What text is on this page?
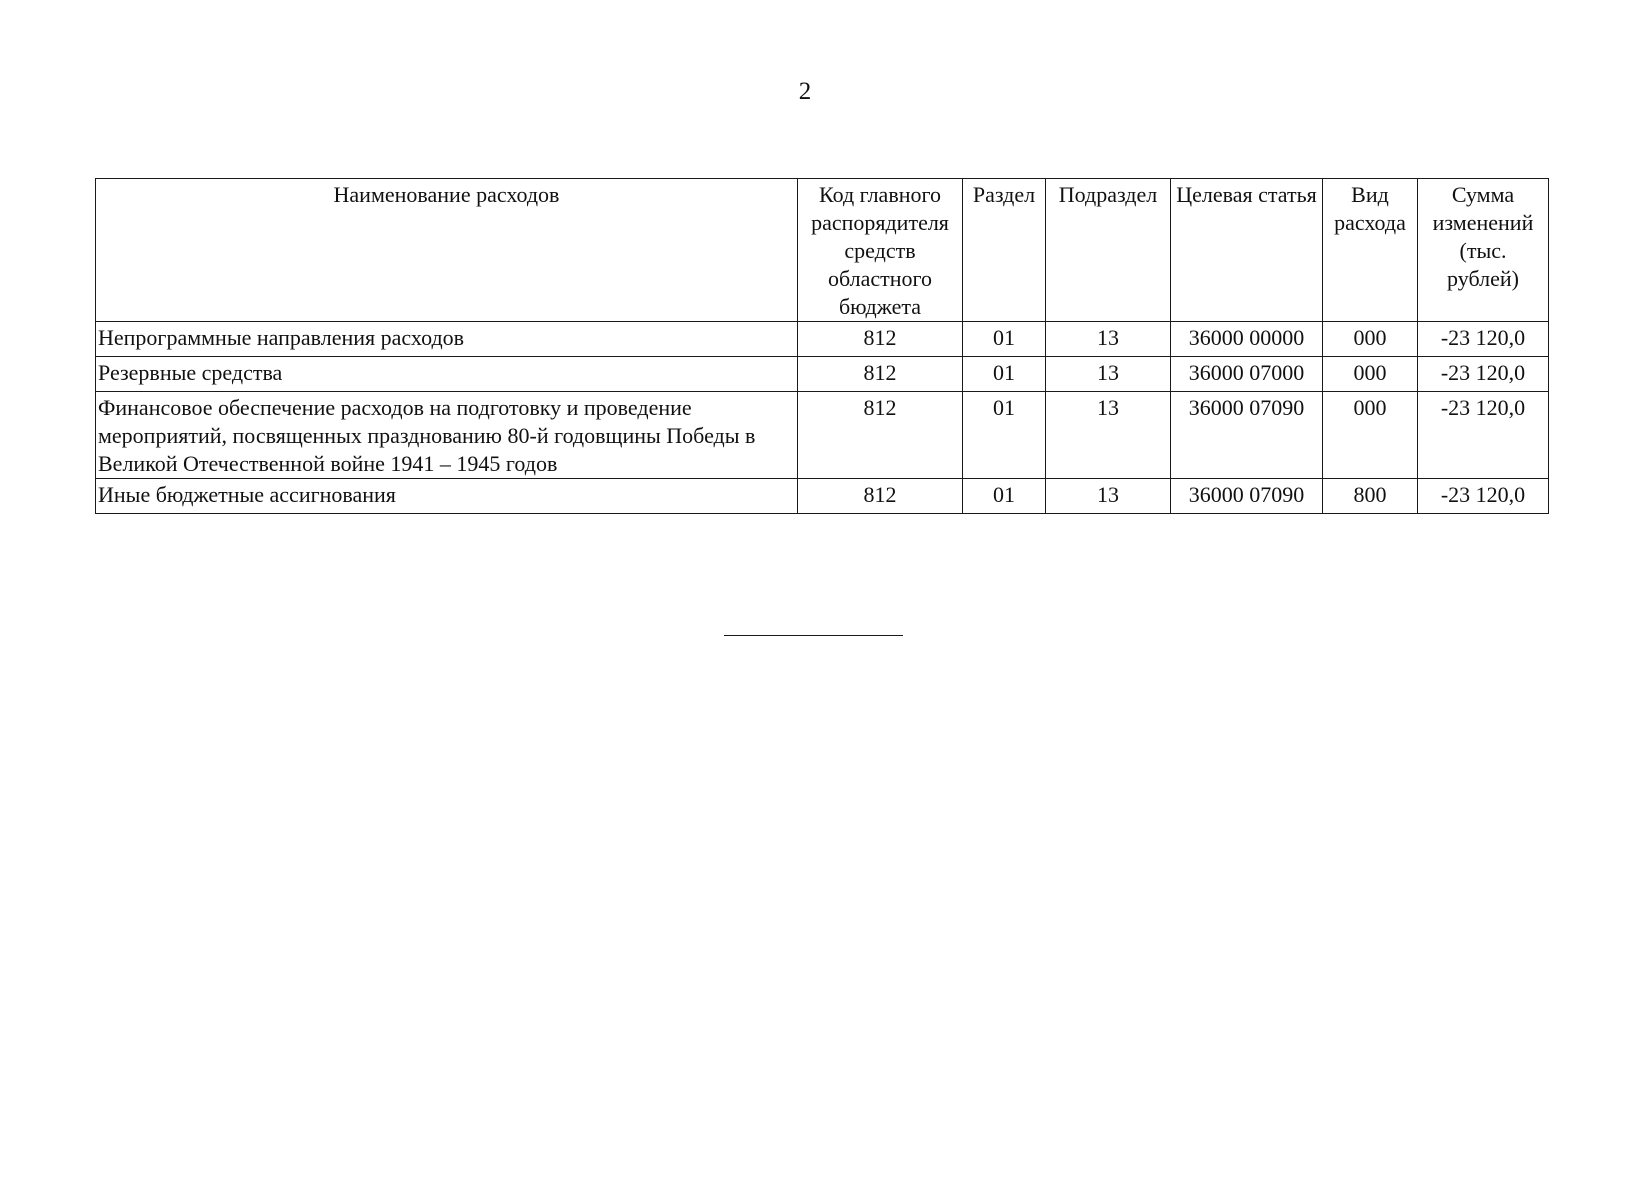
2
Наименование расходов	Код главного распорядителя средств областного бюджета	Раздел	Подраздел	Целевая статья	Вид расхода	Сумма изменений (тыс. рублей)
Непрограммные направления расходов	812	01	13	36000 00000	000	-23 120,0
Резервные средства	812	01	13	36000 07000	000	-23 120,0
Финансовое обеспечение расходов на подготовку и проведение мероприятий, посвященных празднованию 80-й годовщины Победы в Великой Отечественной войне 1941 – 1945 годов	812	01	13	36000 07090	000	-23 120,0
Иные бюджетные ассигнования	812	01	13	36000 07090	800	-23 120,0
